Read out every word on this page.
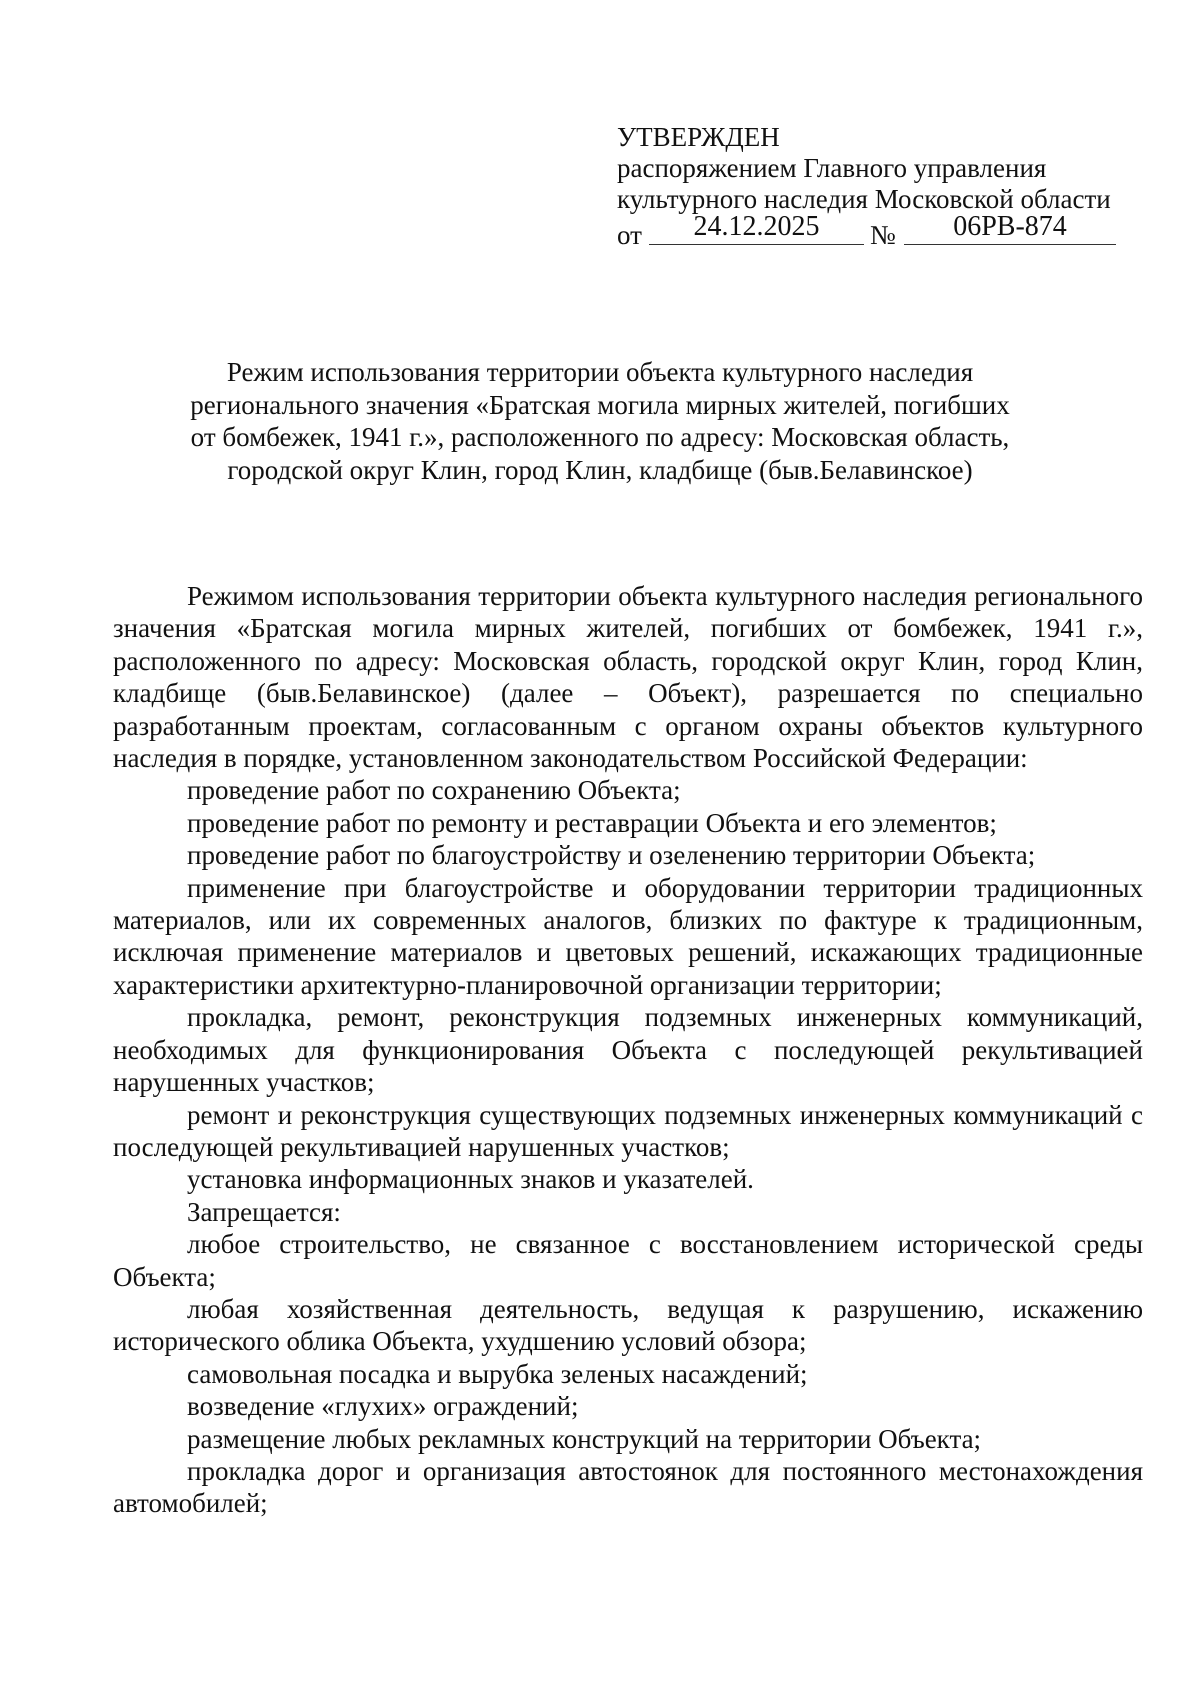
УТВЕРЖДЕН
распоряжением Главного управления
культурного наследия Московской области
от	24.12.2025	№	06РВ-874
Режим использования территории объекта культурного наследия
регионального значения «Братская могила мирных жителей, погибших
от бомбежек, 1941 г.», расположенного по адресу: Московская область,
городской округ Клин, город Клин, кладбище (быв.Белавинское)

Режимом использования территории объекта культурного наследия регионального значения «Братская могила мирных жителей, погибших от бомбежек, 1941 г.», расположенного по адресу: Московская область, городской округ Клин, город Клин, кладбище (быв.Белавинское) (далее – Объект), разрешается по специально разработанным проектам, согласованным с органом охраны объектов культурного наследия в порядке, установленном законодательством Российской Федерации:

проведение работ по сохранению Объекта;

проведение работ по ремонту и реставрации Объекта и его элементов;

проведение работ по благоустройству и озеленению территории Объекта;

применение при благоустройстве и оборудовании территории традиционных материалов, или их современных аналогов, близких по фактуре к традиционным, исключая применение материалов и цветовых решений, искажающих традиционные характеристики архитектурно-планировочной организации территории;

прокладка, ремонт, реконструкция подземных инженерных коммуникаций, необходимых для функционирования Объекта с последующей рекультивацией нарушенных участков;

ремонт и реконструкция существующих подземных инженерных коммуникаций с последующей рекультивацией нарушенных участков;

установка информационных знаков и указателей.

Запрещается:

любое строительство, не связанное с восстановлением исторической среды Объекта;

любая хозяйственная деятельность, ведущая к разрушению, искажению исторического облика Объекта, ухудшению условий обзора;

самовольная посадка и вырубка зеленых насаждений;

возведение «глухих» ограждений;

размещение любых рекламных конструкций на территории Объекта;

прокладка дорог и организация автостоянок для постоянного местонахождения автомобилей;
